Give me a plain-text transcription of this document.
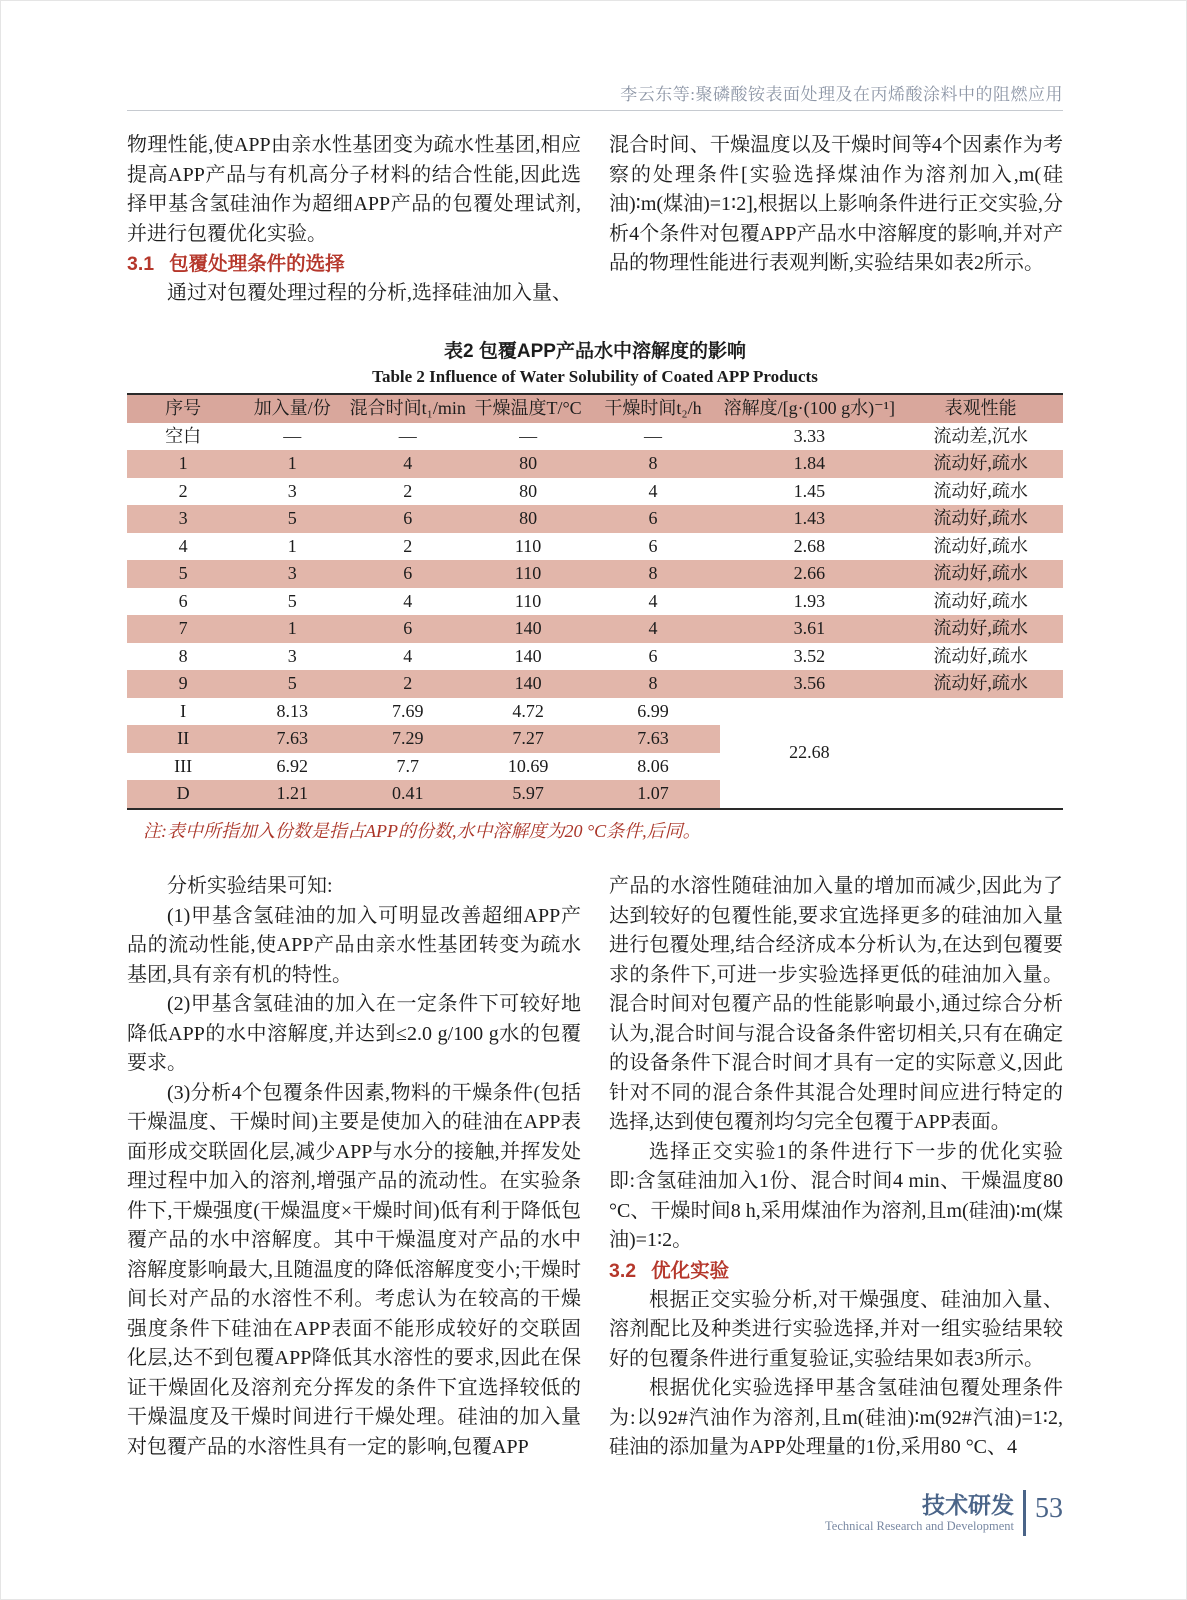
李云东等:聚磷酸铵表面处理及在丙烯酸涂料中的阻燃应用

物理性能,使APP由亲水性基团变为疏水性基团,相应提高APP产品与有机高分子材料的结合性能,因此选择甲基含氢硅油作为超细APP产品的包覆处理试剂,并进行包覆优化实验。

3.1 包覆处理条件的选择

通过对包覆处理过程的分析,选择硅油加入量、

混合时间、干燥温度以及干燥时间等4个因素作为考察的处理条件[实验选择煤油作为溶剂加入,m(硅油)∶m(煤油)=1∶2],根据以上影响条件进行正交实验,分析4个条件对包覆APP产品水中溶解度的影响,并对产品的物理性能进行表观判断,实验结果如表2所示。

表2 包覆APP产品水中溶解度的影响
Table 2 Influence of Water Solubility of Coated APP Products
序号	加入量/份	混合时间t₁/min	干燥温度T/°C	干燥时间t₂/h	溶解度/[g·(100 g水)⁻¹]	表观性能
空白	—	—	—	—	3.33	流动差,沉水
1	1	4	80	8	1.84	流动好,疏水
2	3	2	80	4	1.45	流动好,疏水
3	5	6	80	6	1.43	流动好,疏水
4	1	2	110	6	2.68	流动好,疏水
5	3	6	110	8	2.66	流动好,疏水
6	5	4	110	4	1.93	流动好,疏水
7	1	6	140	4	3.61	流动好,疏水
8	3	4	140	6	3.52	流动好,疏水
9	5	2	140	8	3.56	流动好,疏水
I	8.13	7.69	4.72	6.99	22.68	
II	7.63	7.29	7.27	7.63		
III	6.92	7.7	10.69	8.06		
D	1.21	0.41	5.97	1.07		
注:表中所指加入份数是指占APP的份数,水中溶解度为20 °C条件,后同。

分析实验结果可知:

(1)甲基含氢硅油的加入可明显改善超细APP产品的流动性能,使APP产品由亲水性基团转变为疏水基团,具有亲有机的特性。

(2)甲基含氢硅油的加入在一定条件下可较好地降低APP的水中溶解度,并达到≤2.0 g/100 g水的包覆要求。

(3)分析4个包覆条件因素,物料的干燥条件(包括干燥温度、干燥时间)主要是使加入的硅油在APP表面形成交联固化层,减少APP与水分的接触,并挥发处理过程中加入的溶剂,增强产品的流动性。在实验条件下,干燥强度(干燥温度×干燥时间)低有利于降低包覆产品的水中溶解度。其中干燥温度对产品的水中溶解度影响最大,且随温度的降低溶解度变小;干燥时间长对产品的水溶性不利。考虑认为在较高的干燥强度条件下硅油在APP表面不能形成较好的交联固化层,达不到包覆APP降低其水溶性的要求,因此在保证干燥固化及溶剂充分挥发的条件下宜选择较低的干燥温度及干燥时间进行干燥处理。硅油的加入量对包覆产品的水溶性具有一定的影响,包覆APP

产品的水溶性随硅油加入量的增加而减少,因此为了达到较好的包覆性能,要求宜选择更多的硅油加入量进行包覆处理,结合经济成本分析认为,在达到包覆要求的条件下,可进一步实验选择更低的硅油加入量。混合时间对包覆产品的性能影响最小,通过综合分析认为,混合时间与混合设备条件密切相关,只有在确定的设备条件下混合时间才具有一定的实际意义,因此针对不同的混合条件其混合处理时间应进行特定的选择,达到使包覆剂均匀完全包覆于APP表面。

选择正交实验1的条件进行下一步的优化实验即:含氢硅油加入1份、混合时间4 min、干燥温度80 °C、干燥时间8 h,采用煤油作为溶剂,且m(硅油)∶m(煤油)=1∶2。

3.2 优化实验

根据正交实验分析,对干燥强度、硅油加入量、溶剂配比及种类进行实验选择,并对一组实验结果较好的包覆条件进行重复验证,实验结果如表3所示。

根据优化实验选择甲基含氢硅油包覆处理条件为:以92#汽油作为溶剂,且m(硅油)∶m(92#汽油)=1∶2,硅油的添加量为APP处理量的1份,采用80 °C、4

技术研发
Technical Research and Development
53
